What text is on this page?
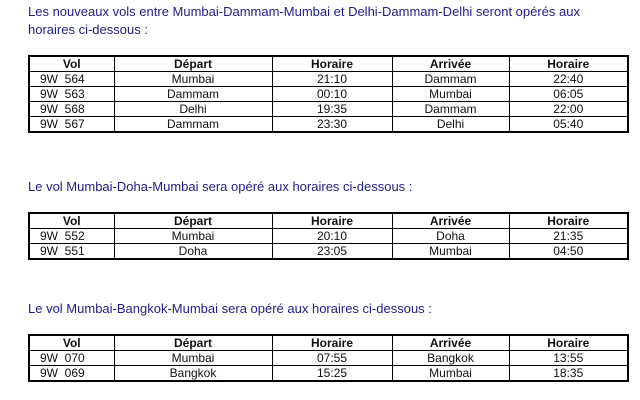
Les nouveaux vols entre Mumbai-Dammam-Mumbai et Delhi-Dammam-Delhi seront opérés aux horaires ci-dessous :

Vol	Départ	Horaire	Arrivée	Horaire
9W  564	Mumbai	21:10	Dammam	22:40
9W  563	Dammam	00:10	Mumbai	06:05
9W  568	Delhi	19:35	Dammam	22:00
9W  567	Dammam	23:30	Delhi	05:40

Le vol Mumbai-Doha-Mumbai sera opéré aux horaires ci-dessous :

Vol	Départ	Horaire	Arrivée	Horaire
9W  552	Mumbai	20:10	Doha	21:35
9W  551	Doha	23:05	Mumbai	04:50

Le vol Mumbai-Bangkok-Mumbai sera opéré aux horaires ci-dessous :

Vol	Départ	Horaire	Arrivée	Horaire
9W  070	Mumbai	07:55	Bangkok	13:55
9W  069	Bangkok	15:25	Mumbai	18:35
